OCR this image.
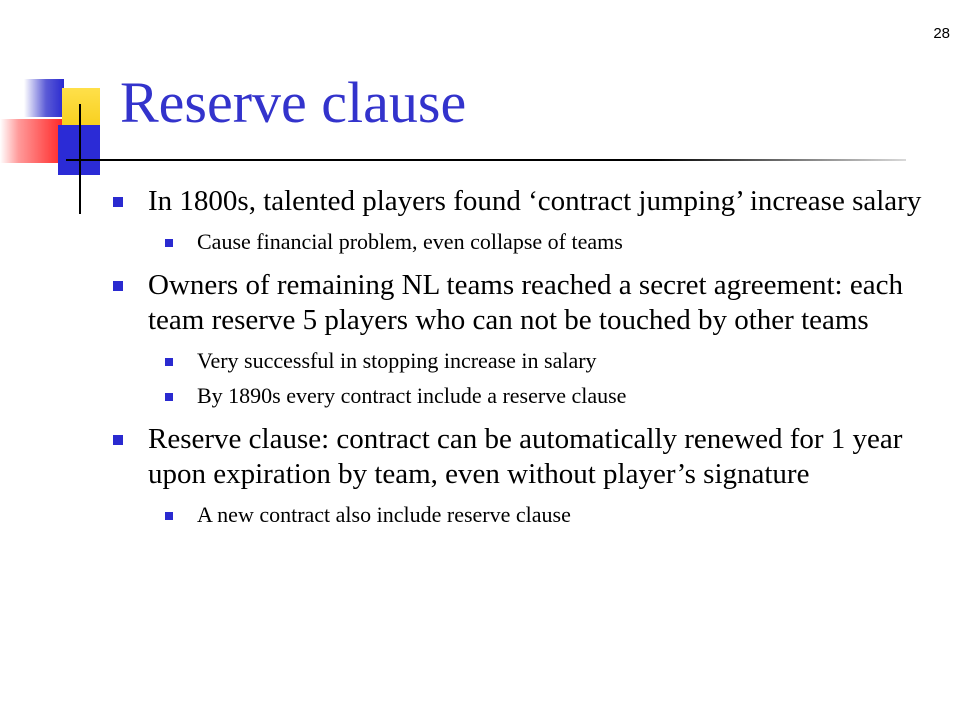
28
Reserve clause
In 1800s, talented players found ‘contract jumping’ increase salary
Cause financial problem, even collapse of teams
Owners of remaining NL teams reached a secret agreement: each team reserve 5 players who can not be touched by other teams
Very successful in stopping increase in salary
By 1890s every contract include a reserve clause
Reserve clause: contract can be automatically renewed for 1 year upon expiration by team, even without player’s signature
A new contract also include reserve clause
